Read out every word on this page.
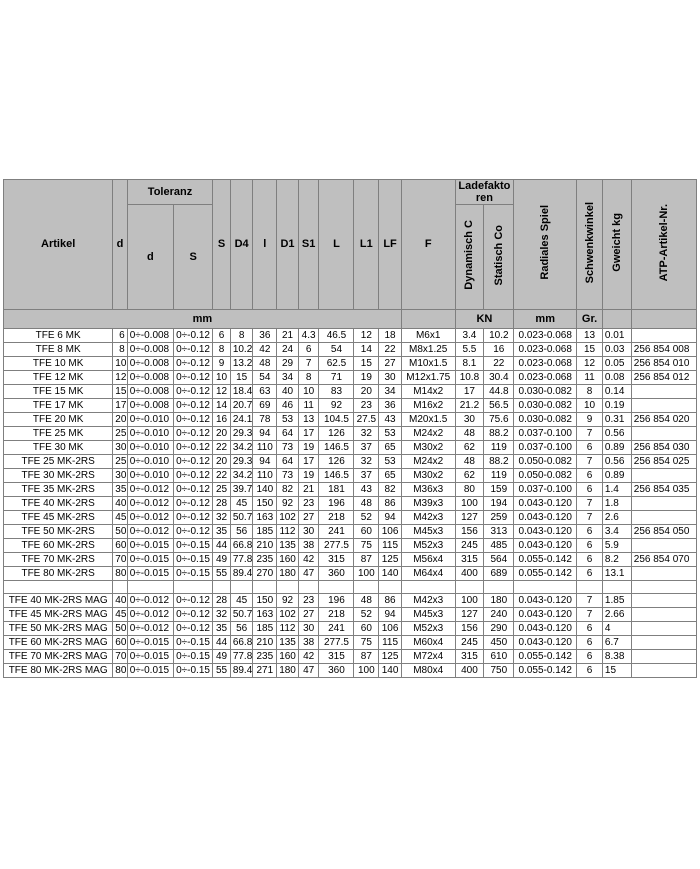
Artikel	d	Toleranz		S	D4	l	D1	S1	L	L1	LF	F	Ladefaktoren		Radiales Spiel	Schwenkwinkel	Gweicht kg	ATP-Artikel-Nr.
		d	S										Dynamisch C	Statisch Co				
mm													KN		mm	Gr.		
TFE 6 MK	6	0÷-0.008	0÷-0.12	6	8	36	21	4.3	46.5	12	18	M6x1	3.4	10.2	0.023-0.068	13	0.01	
TFE 8 MK	8	0÷-0.008	0÷-0.12	8	10.2	42	24	6	54	14	22	M8x1.25	5.5	16	0.023-0.068	15	0.03	256 854 008
TFE 10 MK	10	0÷-0.008	0÷-0.12	9	13.2	48	29	7	62.5	15	27	M10x1.5	8.1	22	0.023-0.068	12	0.05	256 854 010
TFE 12 MK	12	0÷-0.008	0÷-0.12	10	15	54	34	8	71	19	30	M12x1.75	10.8	30.4	0.023-0.068	11	0.08	256 854 012
TFE 15 MK	15	0÷-0.008	0÷-0.12	12	18.4	63	40	10	83	20	34	M14x2	17	44.8	0.030-0.082	8	0.14	
TFE 17 MK	17	0÷-0.008	0÷-0.12	14	20.7	69	46	11	92	23	36	M16x2	21.2	56.5	0.030-0.082	10	0.19	
TFE 20 MK	20	0÷-0.010	0÷-0.12	16	24.1	78	53	13	104.5	27.5	43	M20x1.5	30	75.6	0.030-0.082	9	0.31	256 854 020
TFE 25 MK	25	0÷-0.010	0÷-0.12	20	29.3	94	64	17	126	32	53	M24x2	48	88.2	0.037-0.100	7	0.56	
TFE 30 MK	30	0÷-0.010	0÷-0.12	22	34.2	110	73	19	146.5	37	65	M30x2	62	119	0.037-0.100	6	0.89	256 854 030
TFE 25 MK-2RS	25	0÷-0.010	0÷-0.12	20	29.3	94	64	17	126	32	53	M24x2	48	88.2	0.050-0.082	7	0.56	256 854 025
TFE 30 MK-2RS	30	0÷-0.010	0÷-0.12	22	34.2	110	73	19	146.5	37	65	M30x2	62	119	0.050-0.082	6	0.89	
TFE 35 MK-2RS	35	0÷-0.012	0÷-0.12	25	39.7	140	82	21	181	43	82	M36x3	80	159	0.037-0.100	6	1.4	256 854 035
TFE 40 MK-2RS	40	0÷-0.012	0÷-0.12	28	45	150	92	23	196	48	86	M39x3	100	194	0.043-0.120	7	1.8	
TFE 45 MK-2RS	45	0÷-0.012	0÷-0.12	32	50.7	163	102	27	218	52	94	M42x3	127	259	0.043-0.120	7	2.6	
TFE 50 MK-2RS	50	0÷-0.012	0÷-0.12	35	56	185	112	30	241	60	106	M45x3	156	313	0.043-0.120	6	3.4	256 854 050
TFE 60 MK-2RS	60	0÷-0.015	0÷-0.15	44	66.8	210	135	38	277.5	75	115	M52x3	245	485	0.043-0.120	6	5.9	
TFE 70 MK-2RS	70	0÷-0.015	0÷-0.15	49	77.8	235	160	42	315	87	125	M56x4	315	564	0.055-0.142	6	8.2	256 854 070
TFE 80 MK-2RS	80	0÷-0.015	0÷-0.15	55	89.4	270	180	47	360	100	140	M64x4	400	689	0.055-0.142	6	13.1	

TFE 40 MK-2RS MAG	40	0÷-0.012	0÷-0.12	28	45	150	92	23	196	48	86	M42x3	100	180	0.043-0.120	7	1.85	
TFE 45 MK-2RS MAG	45	0÷-0.012	0÷-0.12	32	50.7	163	102	27	218	52	94	M45x3	127	240	0.043-0.120	7	2.66	
TFE 50 MK-2RS MAG	50	0÷-0.012	0÷-0.12	35	56	185	112	30	241	60	106	M52x3	156	290	0.043-0.120	6	4	
TFE 60 MK-2RS MAG	60	0÷-0.015	0÷-0.15	44	66.8	210	135	38	277.5	75	115	M60x4	245	450	0.043-0.120	6	6.7	
TFE 70 MK-2RS MAG	70	0÷-0.015	0÷-0.15	49	77.8	235	160	42	315	87	125	M72x4	315	610	0.055-0.142	6	8.38	
TFE 80 MK-2RS MAG	80	0÷-0.015	0÷-0.15	55	89.4	271	180	47	360	100	140	M80x4	400	750	0.055-0.142	6	15	
